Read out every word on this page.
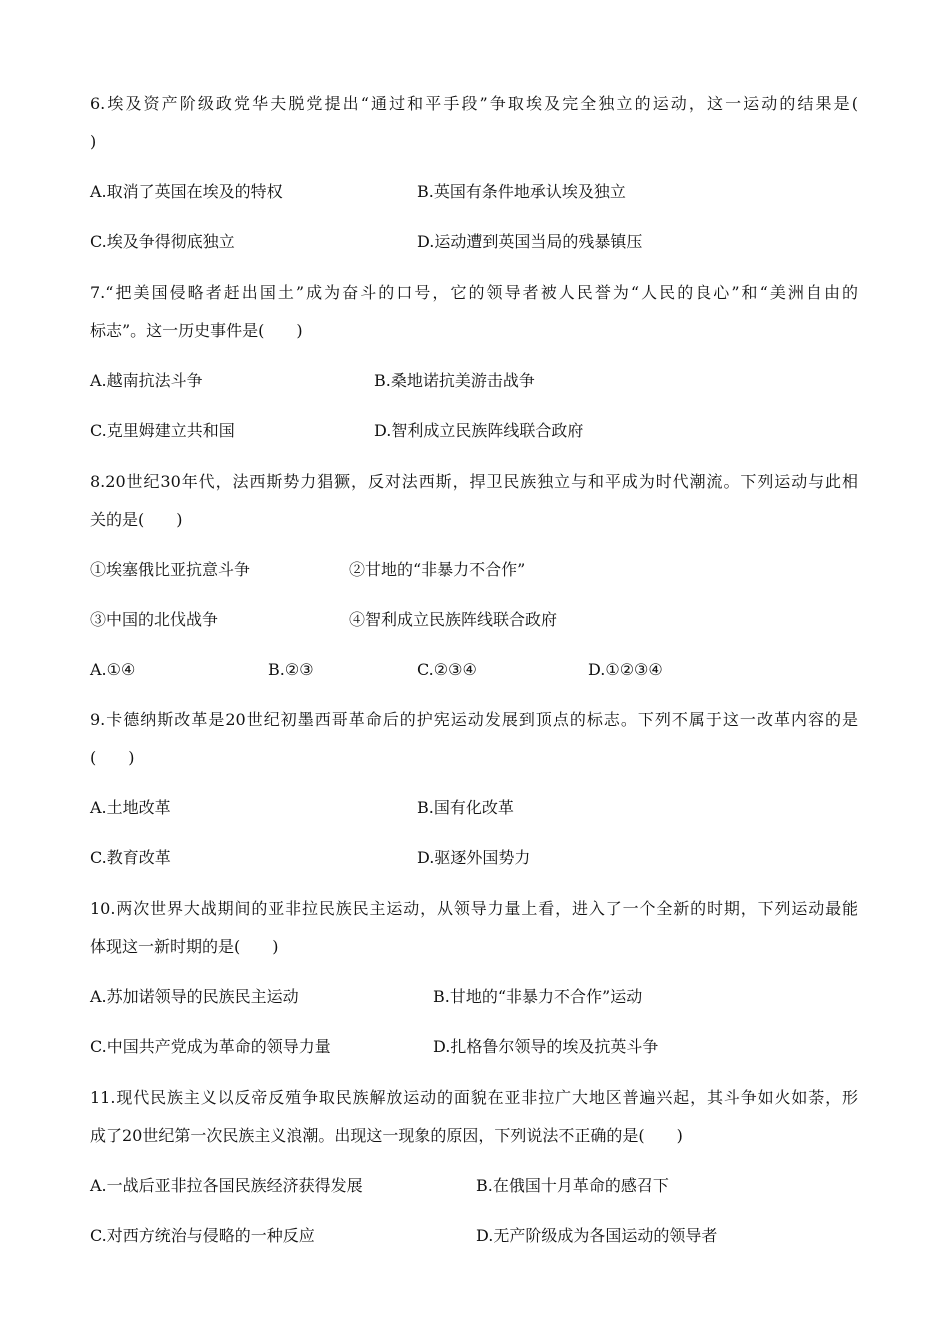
6.埃及资产阶级政党华夫脱党提出“通过和平手段”争取埃及完全独立的运动，这一运动的结果是(
)
A.取消了英国在埃及的特权	B.英国有条件地承认埃及独立
C.埃及争得彻底独立	D.运动遭到英国当局的残暴镇压
7.“把美国侵略者赶出国土”成为奋斗的口号，它的领导者被人民誉为“人民的良心”和“美洲自由的
标志”。这一历史事件是(　　)
A.越南抗法斗争	B.桑地诺抗美游击战争
C.克里姆建立共和国	D.智利成立民族阵线联合政府
8.20世纪30年代，法西斯势力猖獗，反对法西斯，捍卫民族独立与和平成为时代潮流。下列运动与此相
关的是(　　)
①埃塞俄比亚抗意斗争	②甘地的“非暴力不合作”
③中国的北伐战争	④智利成立民族阵线联合政府
A.①④	B.②③	C.②③④	D.①②③④
9.卡德纳斯改革是20世纪初墨西哥革命后的护宪运动发展到顶点的标志。下列不属于这一改革内容的是
(　　)
A.土地改革	B.国有化改革
C.教育改革	D.驱逐外国势力
10.两次世界大战期间的亚非拉民族民主运动，从领导力量上看，进入了一个全新的时期，下列运动最能
体现这一新时期的是(　　)
A.苏加诺领导的民族民主运动	B.甘地的“非暴力不合作”运动
C.中国共产党成为革命的领导力量	D.扎格鲁尔领导的埃及抗英斗争
11.现代民族主义以反帝反殖争取民族解放运动的面貌在亚非拉广大地区普遍兴起，其斗争如火如荼，形
成了20世纪第一次民族主义浪潮。出现这一现象的原因，下列说法不正确的是(　　)
A.一战后亚非拉各国民族经济获得发展	B.在俄国十月革命的感召下
C.对西方统治与侵略的一种反应	D.无产阶级成为各国运动的领导者
